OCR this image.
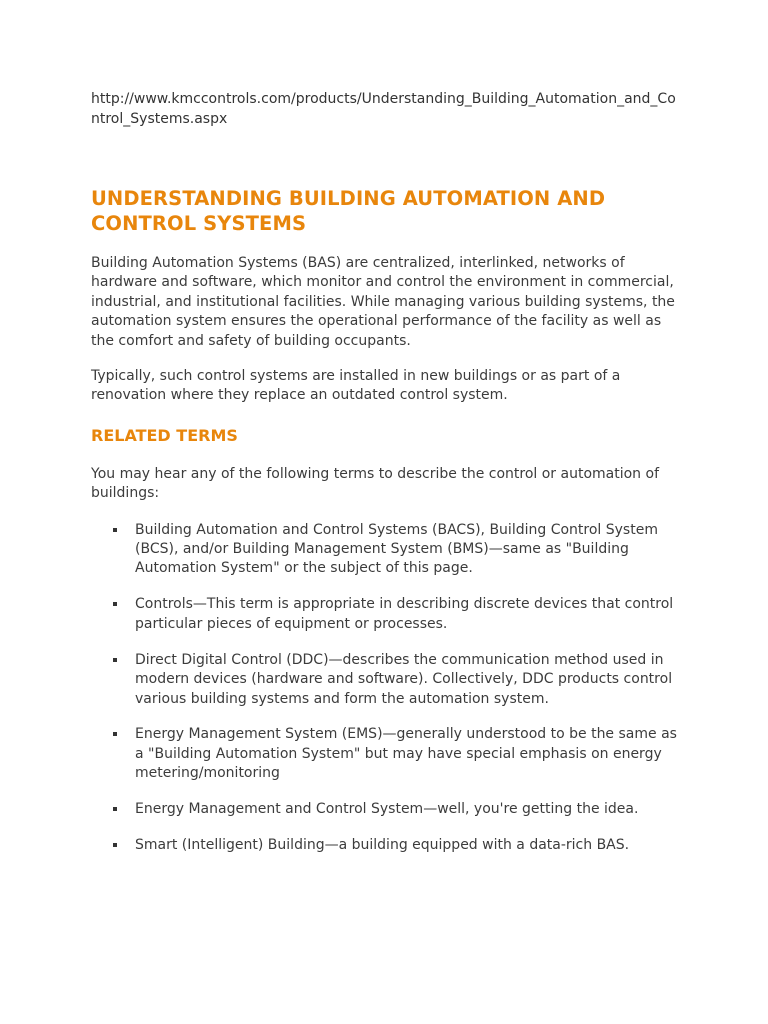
http://www.kmccontrols.com/products/Understanding_Building_Automation_and_Control_Systems.aspx

UNDERSTANDING BUILDING AUTOMATION AND CONTROL SYSTEMS

Building Automation Systems (BAS) are centralized, interlinked, networks of hardware and software, which monitor and control the environment in commercial, industrial, and institutional facilities. While managing various building systems, the automation system ensures the operational performance of the facility as well as the comfort and safety of building occupants.

Typically, such control systems are installed in new buildings or as part of a renovation where they replace an outdated control system.

RELATED TERMS

You may hear any of the following terms to describe the control or automation of buildings:

Building Automation and Control Systems (BACS), Building Control System (BCS), and/or Building Management System (BMS)—same as "Building Automation System" or the subject of this page.
Controls—This term is appropriate in describing discrete devices that control particular pieces of equipment or processes.
Direct Digital Control (DDC)—describes the communication method used in modern devices (hardware and software). Collectively, DDC products control various building systems and form the automation system.
Energy Management System (EMS)—generally understood to be the same as a "Building Automation System" but may have special emphasis on energy metering/monitoring
Energy Management and Control System—well, you're getting the idea.
Smart (Intelligent) Building—a building equipped with a data-rich BAS.
